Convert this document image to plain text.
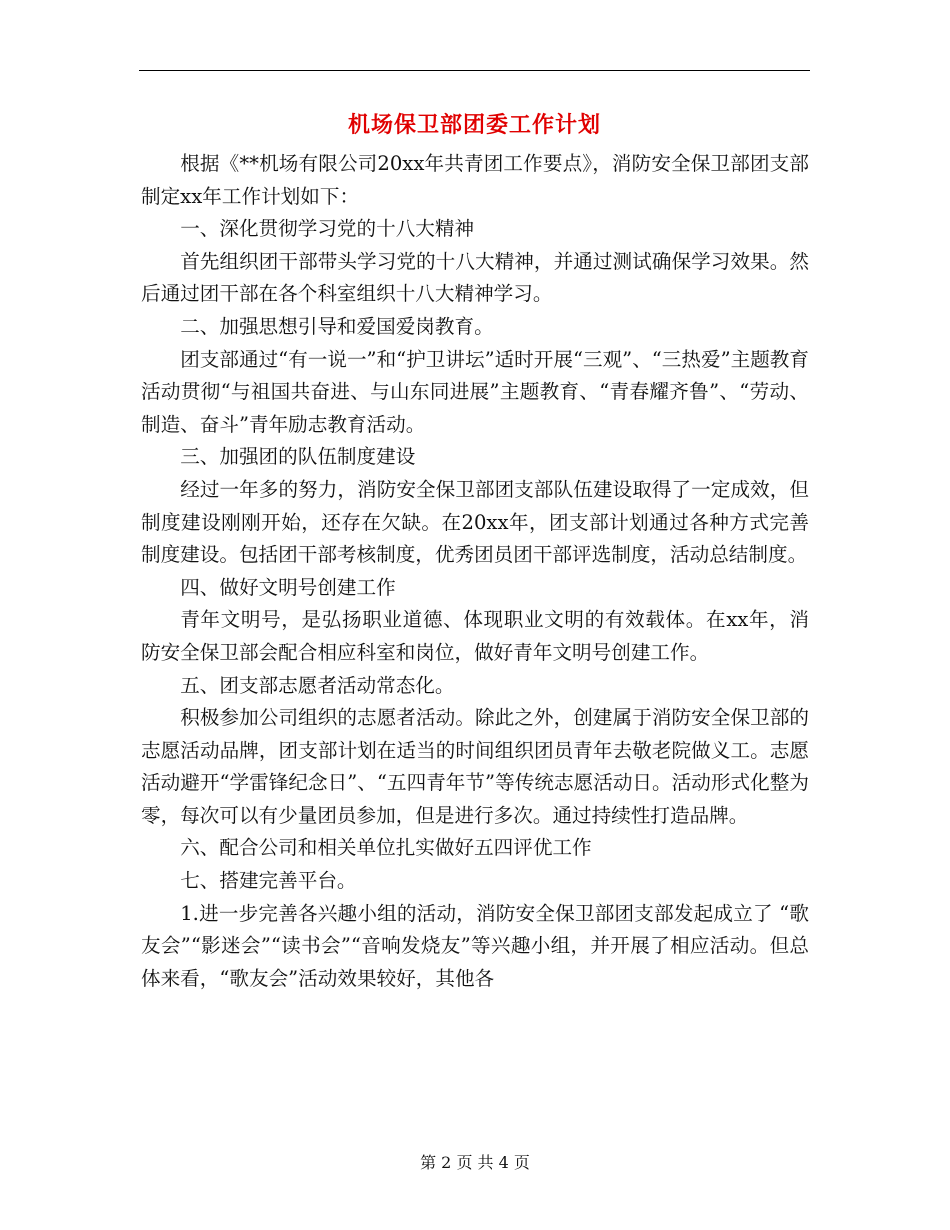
机场保卫部团委工作计划

根据《**机场有限公司20xx年共青团工作要点》，消防安全保卫部团支部制定xx年工作计划如下：

一、深化贯彻学习党的十八大精神

首先组织团干部带头学习党的十八大精神，并通过测试确保学习效果。然后通过团干部在各个科室组织十八大精神学习。

二、加强思想引导和爱国爱岗教育。

团支部通过“有一说一”和“护卫讲坛”适时开展“三观”、“三热爱”主题教育活动贯彻“与祖国共奋进、与山东同进展”主题教育、“青春耀齐鲁”、“劳动、制造、奋斗”青年励志教育活动。

三、加强团的队伍制度建设

经过一年多的努力，消防安全保卫部团支部队伍建设取得了一定成效，但制度建设刚刚开始，还存在欠缺。在20xx年，团支部计划通过各种方式完善制度建设。包括团干部考核制度，优秀团员团干部评选制度，活动总结制度。

四、做好文明号创建工作

青年文明号，是弘扬职业道德、体现职业文明的有效载体。在xx年，消防安全保卫部会配合相应科室和岗位，做好青年文明号创建工作。

五、团支部志愿者活动常态化。

积极参加公司组织的志愿者活动。除此之外，创建属于消防安全保卫部的志愿活动品牌，团支部计划在适当的时间组织团员青年去敬老院做义工。志愿活动避开“学雷锋纪念日”、“五四青年节”等传统志愿活动日。活动形式化整为零，每次可以有少量团员参加，但是进行多次。通过持续性打造品牌。

六、配合公司和相关单位扎实做好五四评优工作

七、搭建完善平台。

1.进一步完善各兴趣小组的活动，消防安全保卫部团支部发起成立了 “歌友会”“影迷会”“读书会”“音响发烧友”等兴趣小组，并开展了相应活动。但总体来看，“歌友会”活动效果较好，其他各

第 2 页 共 4 页
